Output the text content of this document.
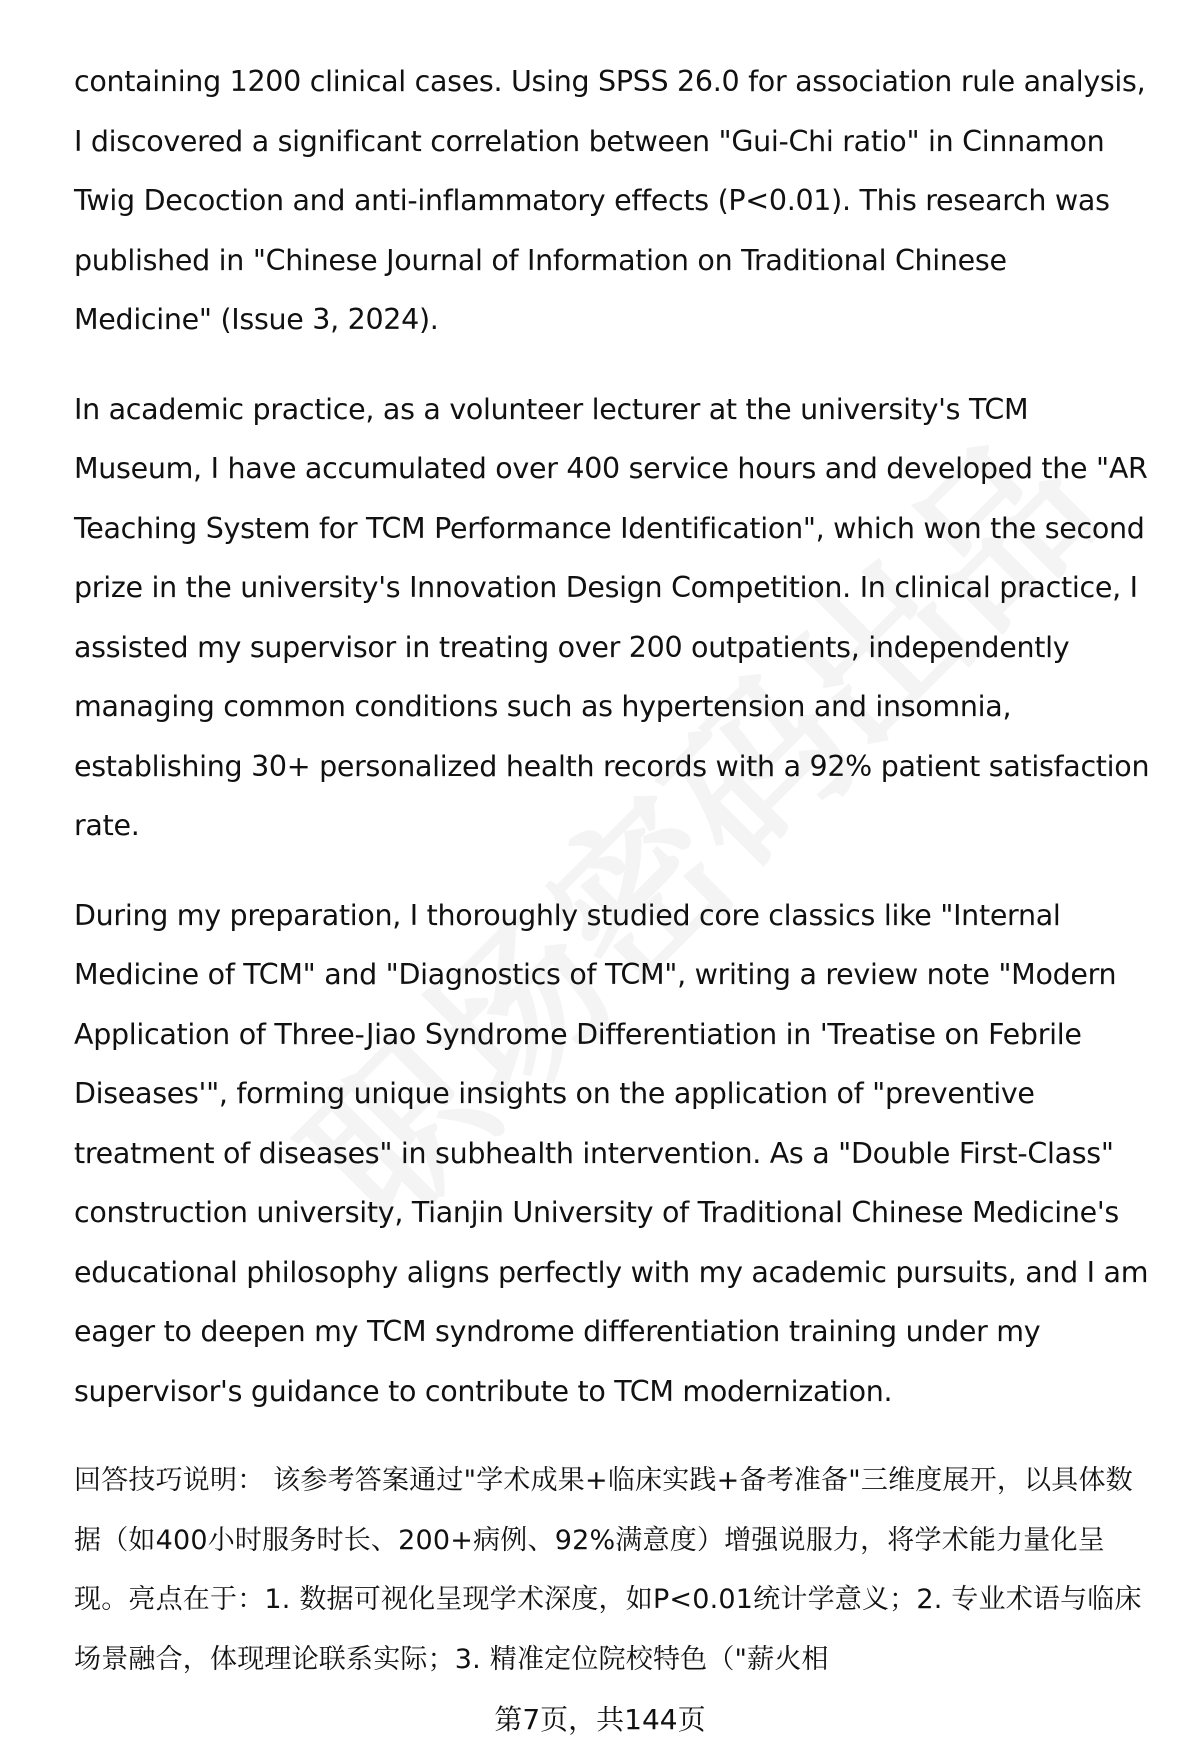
containing 1200 clinical cases. Using SPSS 26.0 for association rule analysis, I discovered a significant correlation between "Gui-Chi ratio" in Cinnamon Twig Decoction and anti-inflammatory effects (P<0.01). This research was published in "Chinese Journal of Information on Traditional Chinese Medicine" (Issue 3, 2024).

In academic practice, as a volunteer lecturer at the university's TCM Museum, I have accumulated over 400 service hours and developed the "AR Teaching System for TCM Performance Identification", which won the second prize in the university's Innovation Design Competition. In clinical practice, I assisted my supervisor in treating over 200 outpatients, independently managing common conditions such as hypertension and insomnia, establishing 30+ personalized health records with a 92% patient satisfaction rate.

During my preparation, I thoroughly studied core classics like "Internal Medicine of TCM" and "Diagnostics of TCM", writing a review note "Modern Application of Three-Jiao Syndrome Differentiation in 'Treatise on Febrile Diseases'", forming unique insights on the application of "preventive treatment of diseases" in subhealth intervention. As a "Double First-Class" construction university, Tianjin University of Traditional Chinese Medicine's educational philosophy aligns perfectly with my academic pursuits, and I am eager to deepen my TCM syndrome differentiation training under my supervisor's guidance to contribute to TCM modernization.

回答技巧说明： 该参考答案通过"学术成果+临床实践+备考准备"三维度展开，以具体数据（如400小时服务时长、200+病例、92%满意度）增强说服力，将学术能力量化呈现。亮点在于：1. 数据可视化呈现学术深度，如P<0.01统计学意义；2. 专业术语与临床场景融合，体现理论联系实际；3. 精准定位院校特色（"薪火相

第7页，共144页
